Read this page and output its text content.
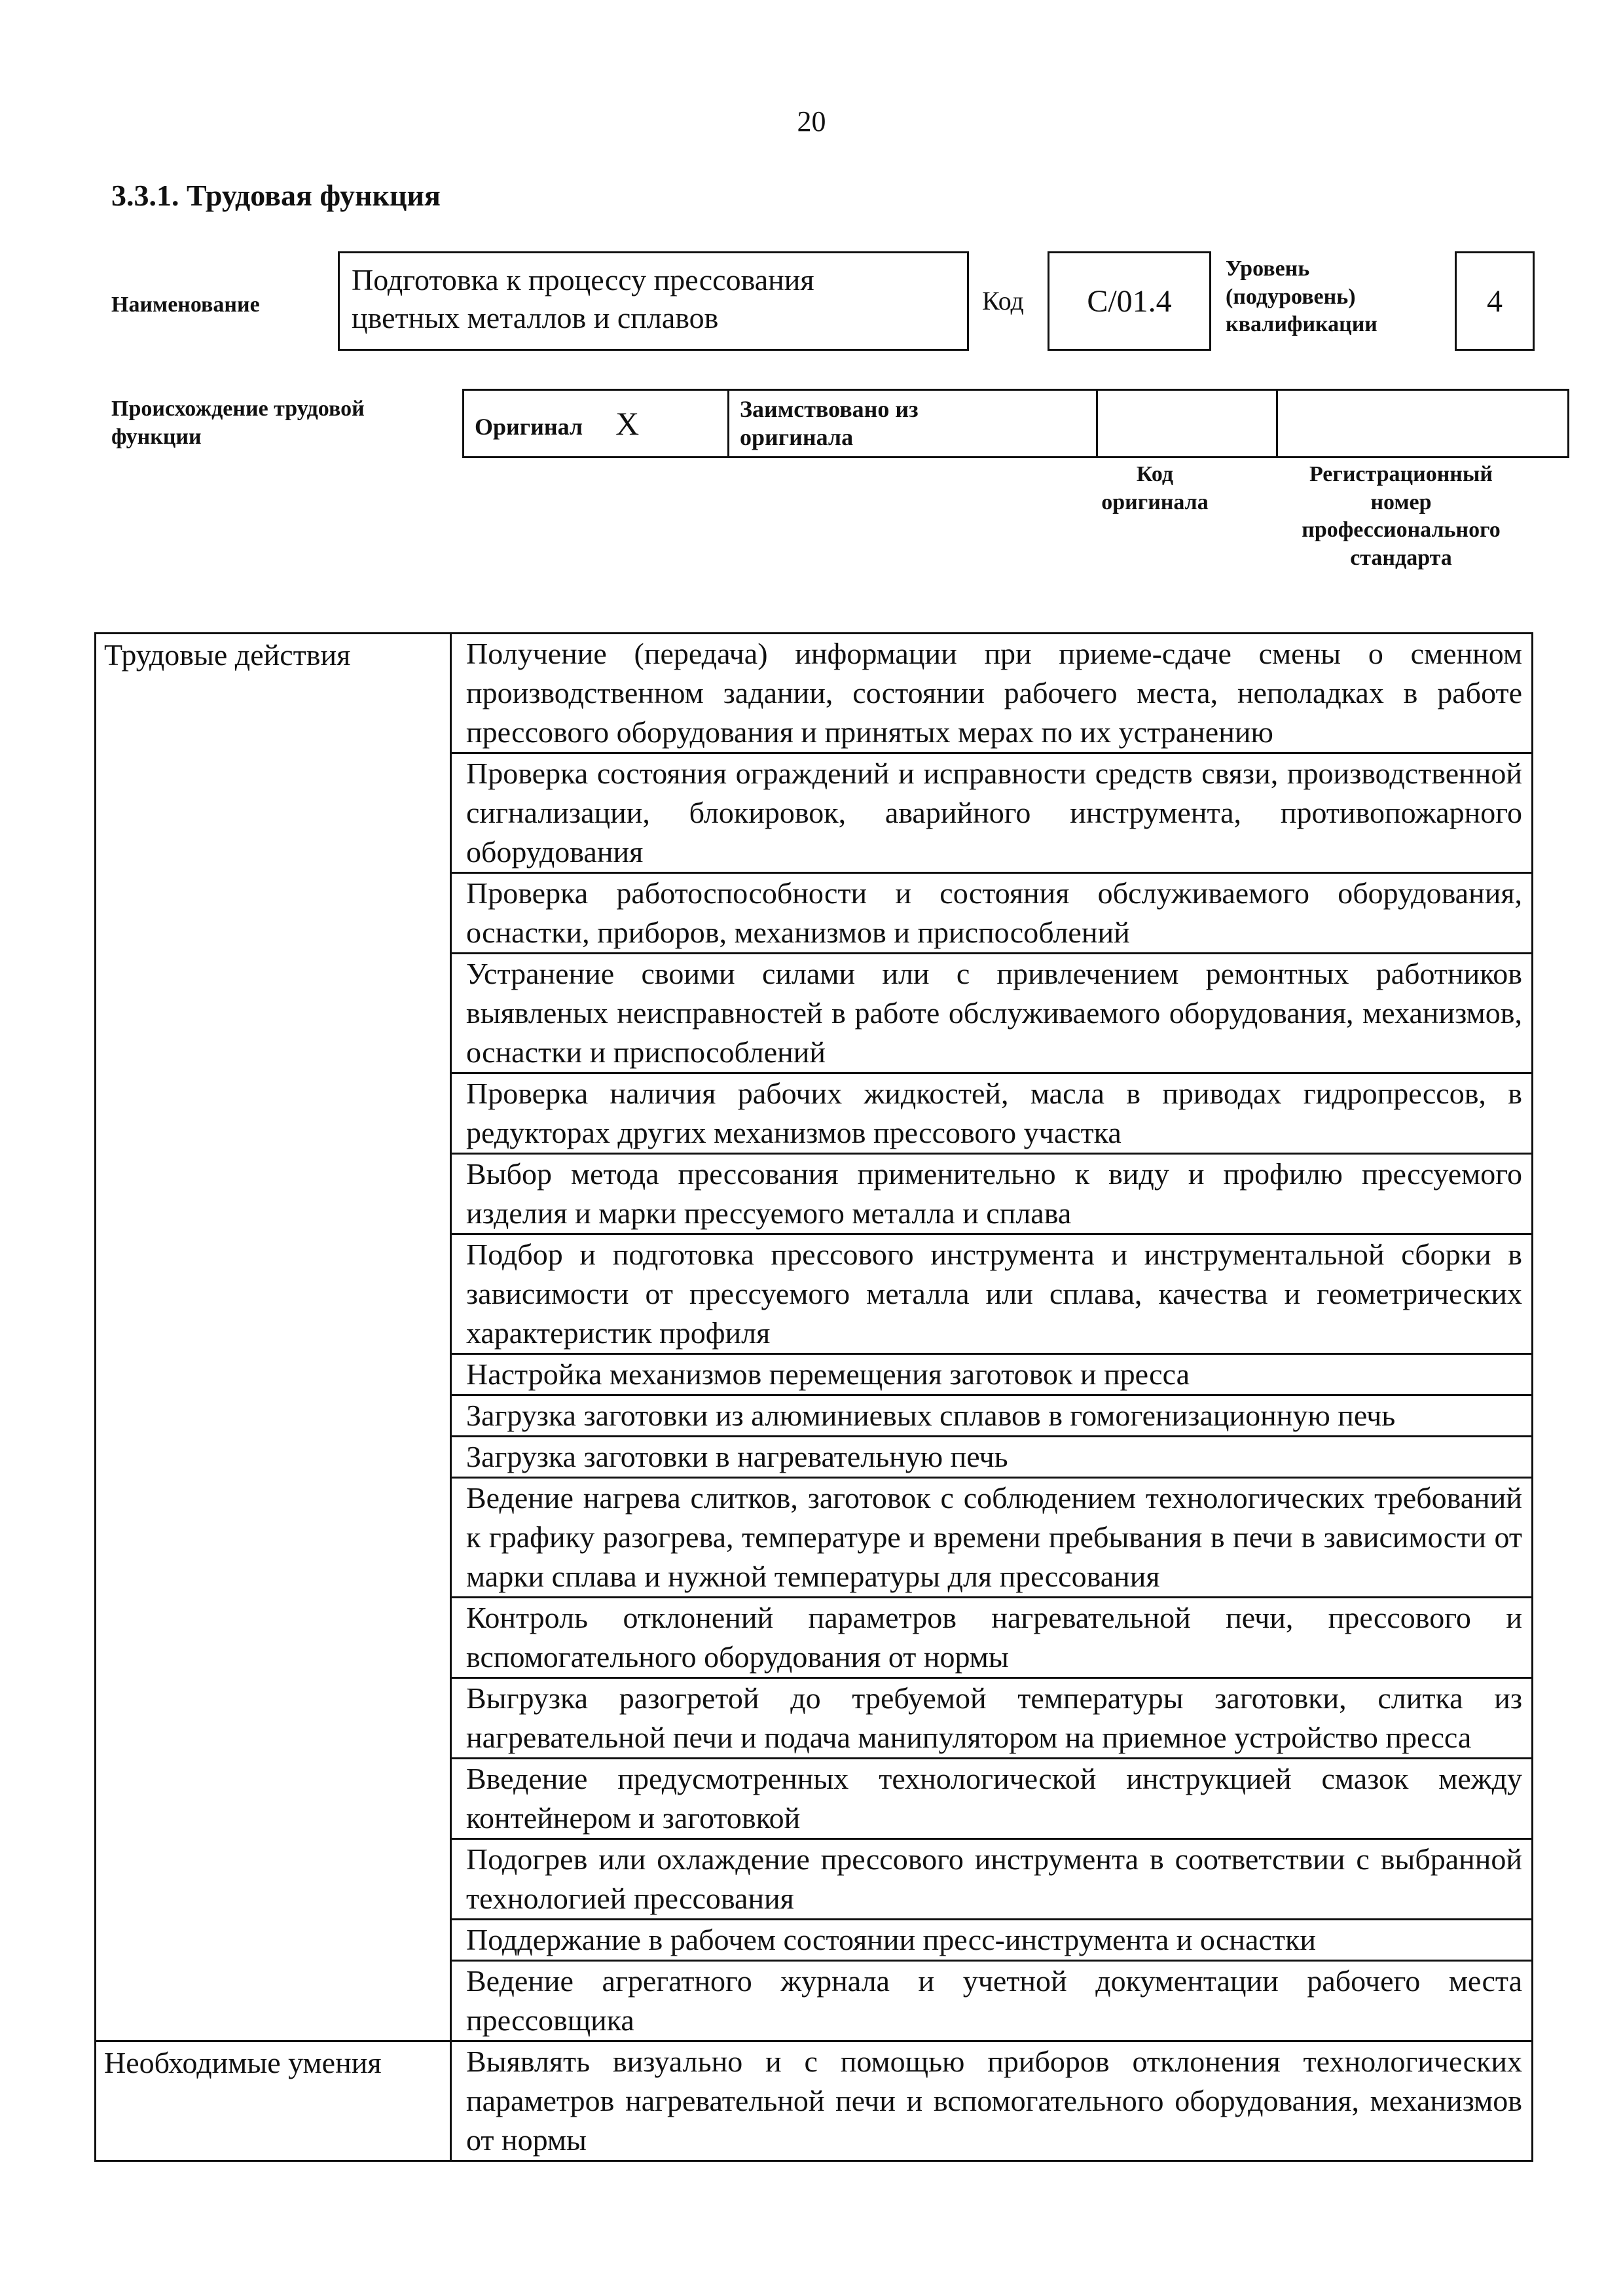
20
3.3.1. Трудовая функция
Наименование
Подготовка к процессу прессования
цветных металлов и сплавов	Код	C/01.4
Уровень
(подуровень)
квалификации
4
Происхождение трудовой
функции	Оригинал X	Заимствовано из
оригинала

Код
оригинала
Регистрационный
номер
профессионального
стандарта
Трудовые действия	Получение (передача) информации при приеме-сдаче смены о сменном производственном задании, состоянии рабочего места, неполадках в работе прессового оборудования и принятых мерах по их устранению
	Проверка состояния ограждений и исправности средств связи, производственной сигнализации, блокировок, аварийного инструмента, противопожарного оборудования
	Проверка работоспособности и состояния обслуживаемого оборудования, оснастки, приборов, механизмов и приспособлений
	Устранение своими силами или с привлечением ремонтных работников выявленых неисправностей в работе обслуживаемого оборудования, механизмов, оснастки и приспособлений
	Проверка наличия рабочих жидкостей, масла в приводах гидропрессов, в редукторах других механизмов прессового участка
	Выбор метода прессования применительно к виду и профилю прессуемого изделия и марки прессуемого металла и сплава
	Подбор и подготовка прессового инструмента и инструментальной сборки в зависимости от прессуемого металла или сплава, качества и геометрических характеристик профиля
	Настройка механизмов перемещения заготовок и пресса
	Загрузка заготовки из алюминиевых сплавов в гомогенизационную печь
	Загрузка заготовки в нагревательную печь
	Ведение нагрева слитков, заготовок с соблюдением технологических требований к графику разогрева, температуре и времени пребывания в печи в зависимости от марки сплава и нужной температуры для прессования
	Контроль отклонений параметров нагревательной печи, прессового и вспомогательного оборудования от нормы
	Выгрузка разогретой до требуемой температуры заготовки, слитка из нагревательной печи и подача манипулятором на приемное устройство пресса
	Введение предусмотренных технологической инструкцией смазок между контейнером и заготовкой
	Подогрев или охлаждение прессового инструмента в соответствии с выбранной технологией прессования
	Поддержание в рабочем состоянии пресс-инструмента и оснастки
	Ведение агрегатного журнала и учетной документации рабочего места прессовщика
Необходимые умения	Выявлять визуально и с помощью приборов отклонения технологических параметров нагревательной печи и вспомогательного оборудования, механизмов от нормы
